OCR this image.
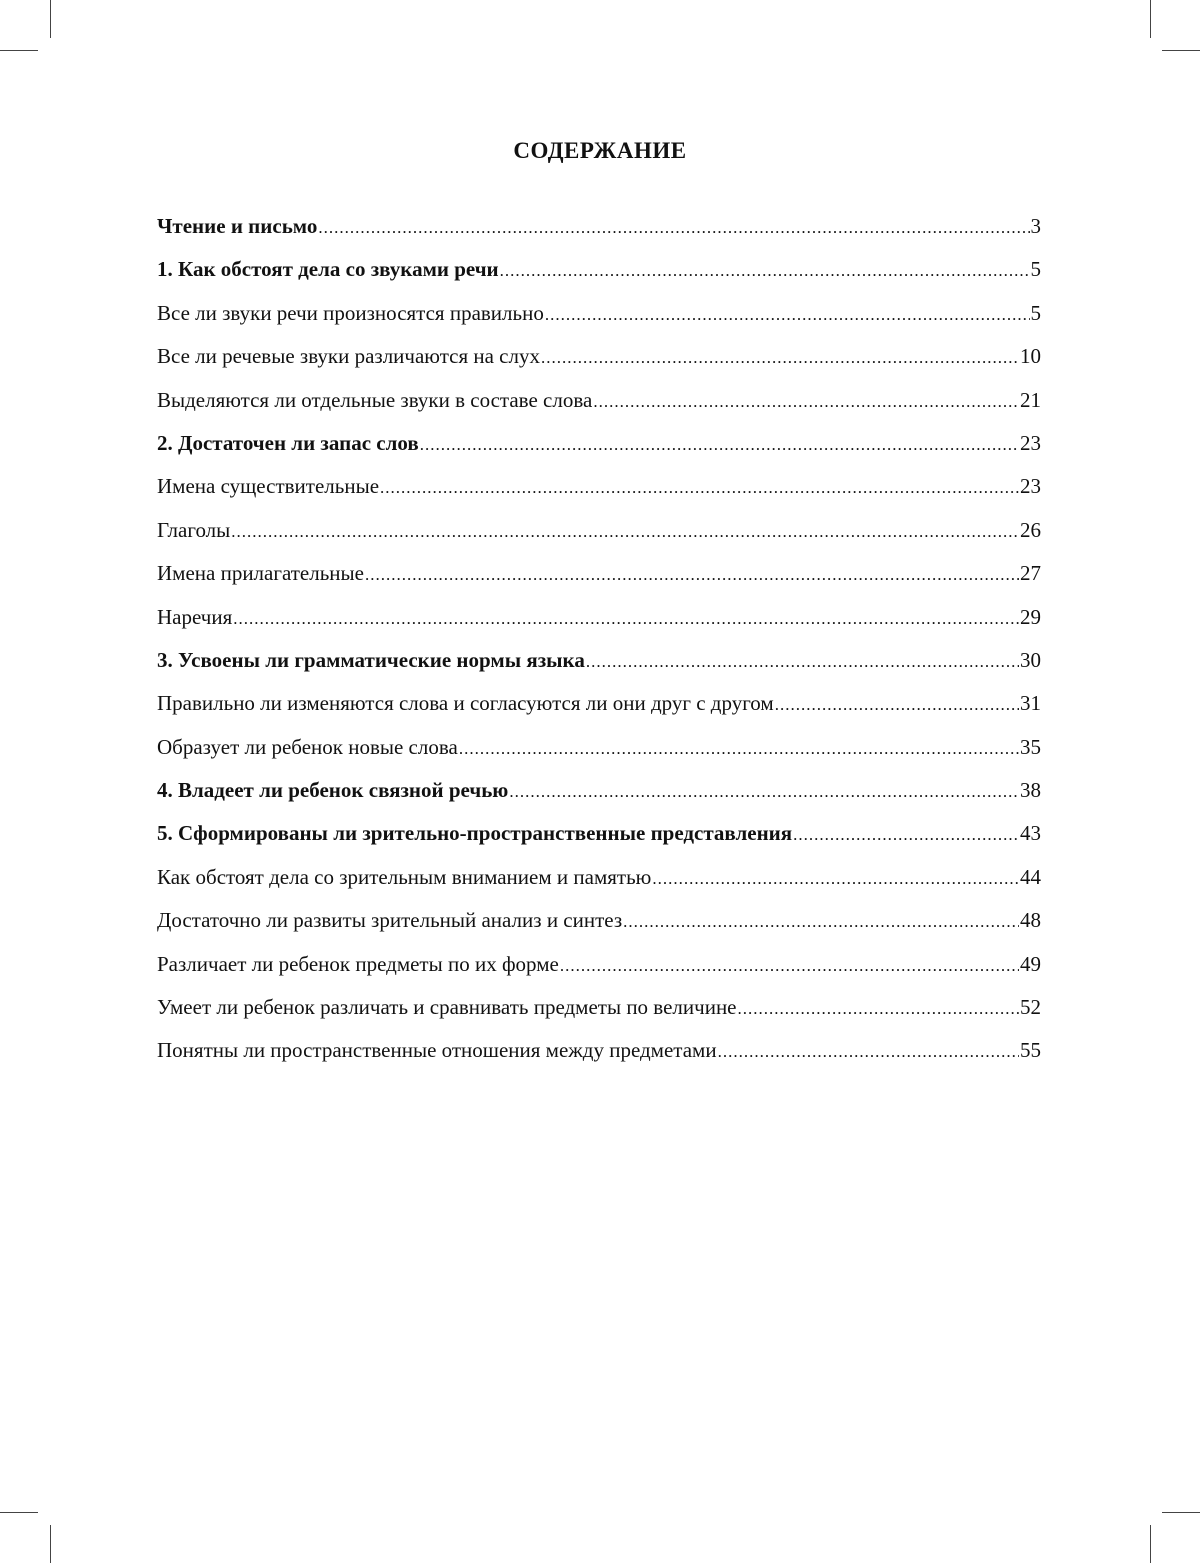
СОДЕРЖАНИЕ
Чтение и письмо .....	3
1. Как обстоят дела со звуками речи .....	5
Все ли звуки речи произносятся правильно .....	5
Все ли речевые звуки различаются на слух .....	10
Выделяются ли отдельные звуки в составе слова .....	21
2. Достаточен ли запас слов .....	23
Имена существительные .....	23
Глаголы .....	26
Имена прилагательные .....	27
Наречия .....	29
3. Усвоены ли грамматические нормы языка .....	30
Правильно ли изменяются слова и согласуются ли они друг с другом .....	31
Образует ли ребенок новые слова .....	35
4. Владеет ли ребенок связной речью .....	38
5. Сформированы ли зрительно-пространственные представления .....	43
Как обстоят дела со зрительным вниманием и памятью .....	44
Достаточно ли развиты зрительный анализ и синтез .....	48
Различает ли ребенок предметы по их форме .....	49
Умеет ли ребенок различать и сравнивать предметы по величине .....	52
Понятны ли пространственные отношения между предметами .....	55
